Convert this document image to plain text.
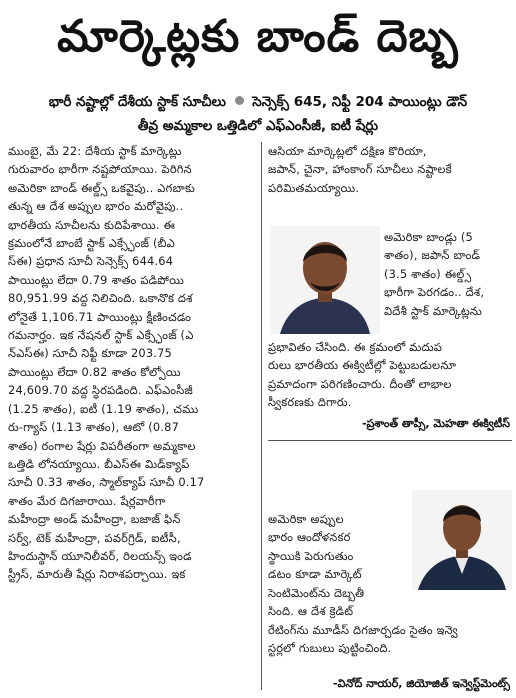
మార్కెట్లకు బాండ్ దెబ్బ
భారీ నష్టాల్లో దేశీయ స్టాక్ సూచీలు సెన్సెక్స్ 645, నిఫ్టీ 204 పాయింట్లు డౌన్
తీవ్ర అమ్మకాల ఒత్తిడిలో ఎఫ్‌ఎంసీజీ, ఐటీ షేర్లు

ముంబై, మే 22: దేశీయ స్టాక్ మార్కెట్లు

గురువారం భారీగా నష్టపోయాయి. పెరిగిన

అమెరికా బాండ్ ఈల్డ్స్ ఒకవైపు.. ఎగబాకు

తున్న ఆ దేశ అప్పుల భారం మరోవైపు..

భారతీయ సూచీలను కుదిపేశాయి. ఈ

క్రమంలోనే బాంబే స్టాక్ ఎక్స్ఛేంజ్ (బీఎ

స్ఈ) ప్రధాన సూచీ సెన్సెక్స్ 644.64

పాయింట్లు లేదా 0.79 శాతం పడిపోయి

80,951.99 వద్ద నిలిచింది. ఒకానొక దశ

లోనైతే 1,106.71 పాయింట్లు క్షీణించడం

గమనార్హం. ఇక నేషనల్ స్టాక్ ఎక్స్ఛేంజ్ (ఎ

న్ఎస్ఈ) సూచీ నిఫ్టీ కూడా 203.75

పాయింట్లు లేదా 0.82 శాతం కోల్పోయి

24,609.70 వద్ద స్థిరపడింది. ఎఫ్ఎంసీజీ

(1.25 శాతం), ఐటీ (1.19 శాతం), చము

రు-గ్యాస్ (1.13 శాతం), ఆటో (0.87

శాతం) రంగాల షేర్లు విపరీతంగా అమ్మకాల

ఒత్తిడి లోనయ్యాయి. బీఎస్ఈ మిడ్‌క్యాప్

సూచీ 0.33 శాతం, స్మాల్‌క్యాప్ సూచీ 0.17

శాతం మేర దిగజారాయి. షేర్లవారీగా

మహీంద్రా అండ్ మహీంద్రా, బజాజ్ ఫిన్

సర్వ్, టెక్ మహీంద్రా, పవర్‌గ్రిడ్, ఐటీసీ,

హిందుస్థాన్ యూనిలీవర్, రిలయన్స్ ఇండ

స్ట్రీస్, మారుతీ షేర్లు నిరాశపర్చాయి. ఇక

ఆసియా మార్కెట్లలో దక్షిణ కొరియా,

జపాన్, చైనా, హాంకాంగ్ సూచీలు నష్టాలకే

పరిమితమయ్యాయి.

అమెరికా బాండ్లు (5

శాతం), జపాన్ బాండ్

(3.5 శాతం) ఈల్డ్స్

భారీగా పెరగడం.. దేశ,

విదేశీ స్టాక్ మార్కెట్లను

ప్రభావితం చేసింది. ఈ క్రమంలో మదుప

రులు భారతీయ ఈక్విటీల్లో పెట్టుబడులనూ

ప్రమాదంగా పరిగణించారు. దీంతో లాభాల

స్వీకరణకు దిగారు.

-ప్రశాంత్ తాప్సీ, మెహతా ఈక్విటీస్

అమెరికా అప్పుల

భారం ఆందోళనకర

స్థాయికి పెరుగుతుం

డటం కూడా మార్కెట్

సెంటిమెంట్‌ను దెబ్బతీ

సింది. ఆ దేశ క్రెడిట్

రేటింగ్‌ను మూడీస్ దిగజార్చడం సైతం ఇన్వె

స్టర్లలో గుబులు పుట్టించింది.

-వినోద్ నాయర్, జియోజిత్ ఇన్వెస్ట్‌మెంట్స్
